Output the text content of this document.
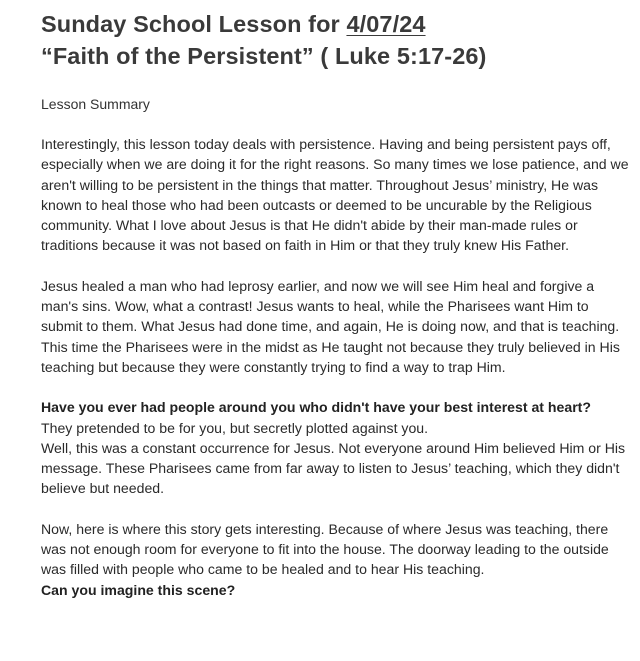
Sunday School Lesson for 4/07/24
“Faith of the Persistent” ( Luke 5:17-26)
Lesson Summary

Interestingly, this lesson today deals with persistence. Having and being persistent pays off, especially when we are doing it for the right reasons. So many times we lose patience, and we aren't willing to be persistent in the things that matter. Throughout Jesus’ ministry, He was known to heal those who had been outcasts or deemed to be uncurable by the Religious community. What I love about Jesus is that He didn't abide by their man-made rules or traditions because it was not based on faith in Him or that they truly knew His Father.

Jesus healed a man who had leprosy earlier, and now we will see Him heal and forgive a man's sins. Wow, what a contrast! Jesus wants to heal, while the Pharisees want Him to submit to them. What Jesus had done time, and again, He is doing now, and that is teaching. This time the Pharisees were in the midst as He taught not because they truly believed in His teaching but because they were constantly trying to find a way to trap Him.

Have you ever had people around you who didn't have your best interest at heart?

They pretended to be for you, but secretly plotted against you.

Well, this was a constant occurrence for Jesus. Not everyone around Him believed Him or His message. These Pharisees came from far away to listen to Jesus’ teaching, which they didn't believe but needed.

Now, here is where this story gets interesting. Because of where Jesus was teaching, there was not enough room for everyone to fit into the house. The doorway leading to the outside was filled with people who came to be healed and to hear His teaching.

Can you imagine this scene?
